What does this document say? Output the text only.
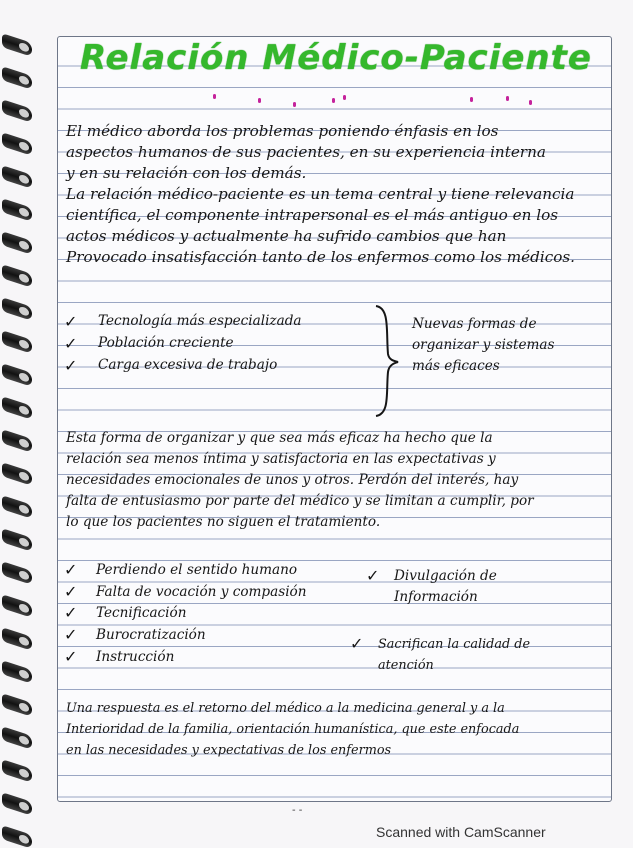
Relación Médico-Paciente
El médico aborda los problemas poniendo énfasis en los
aspectos humanos de sus pacientes, en su experiencia interna
y en su relación con los demás.
La relación médico-paciente es un tema central y tiene relevancia
científica, el componente intrapersonal es el más antiguo en los
actos médicos y actualmente ha sufrido cambios que han
Provocado insatisfacción tanto de los enfermos como los médicos.
✓ Tecnología más especializada
✓ Población creciente
✓ Carga excesiva de trabajo
Nuevas formas de
organizar y sistemas
más eficaces
Esta forma de organizar y que sea más eficaz ha hecho que la
relación sea menos íntima y satisfactoria en las expectativas y
necesidades emocionales de unos y otros. Perdón del interés, hay
falta de entusiasmo por parte del médico y se limitan a cumplir, por
lo que los pacientes no siguen el tratamiento.
✓ Perdiendo el sentido humano
✓ Falta de vocación y compasión
✓ Tecnificación
✓ Burocratización
✓ Instrucción
✓ Divulgación de
Información
✓ Sacrifican la calidad de
atención
Una respuesta es el retorno del médico a la medicina general y a la
Interioridad de la familia, orientación humanística, que este enfocada
en las necesidades y expectativas de los enfermos
- -
Scanned with CamScanner
